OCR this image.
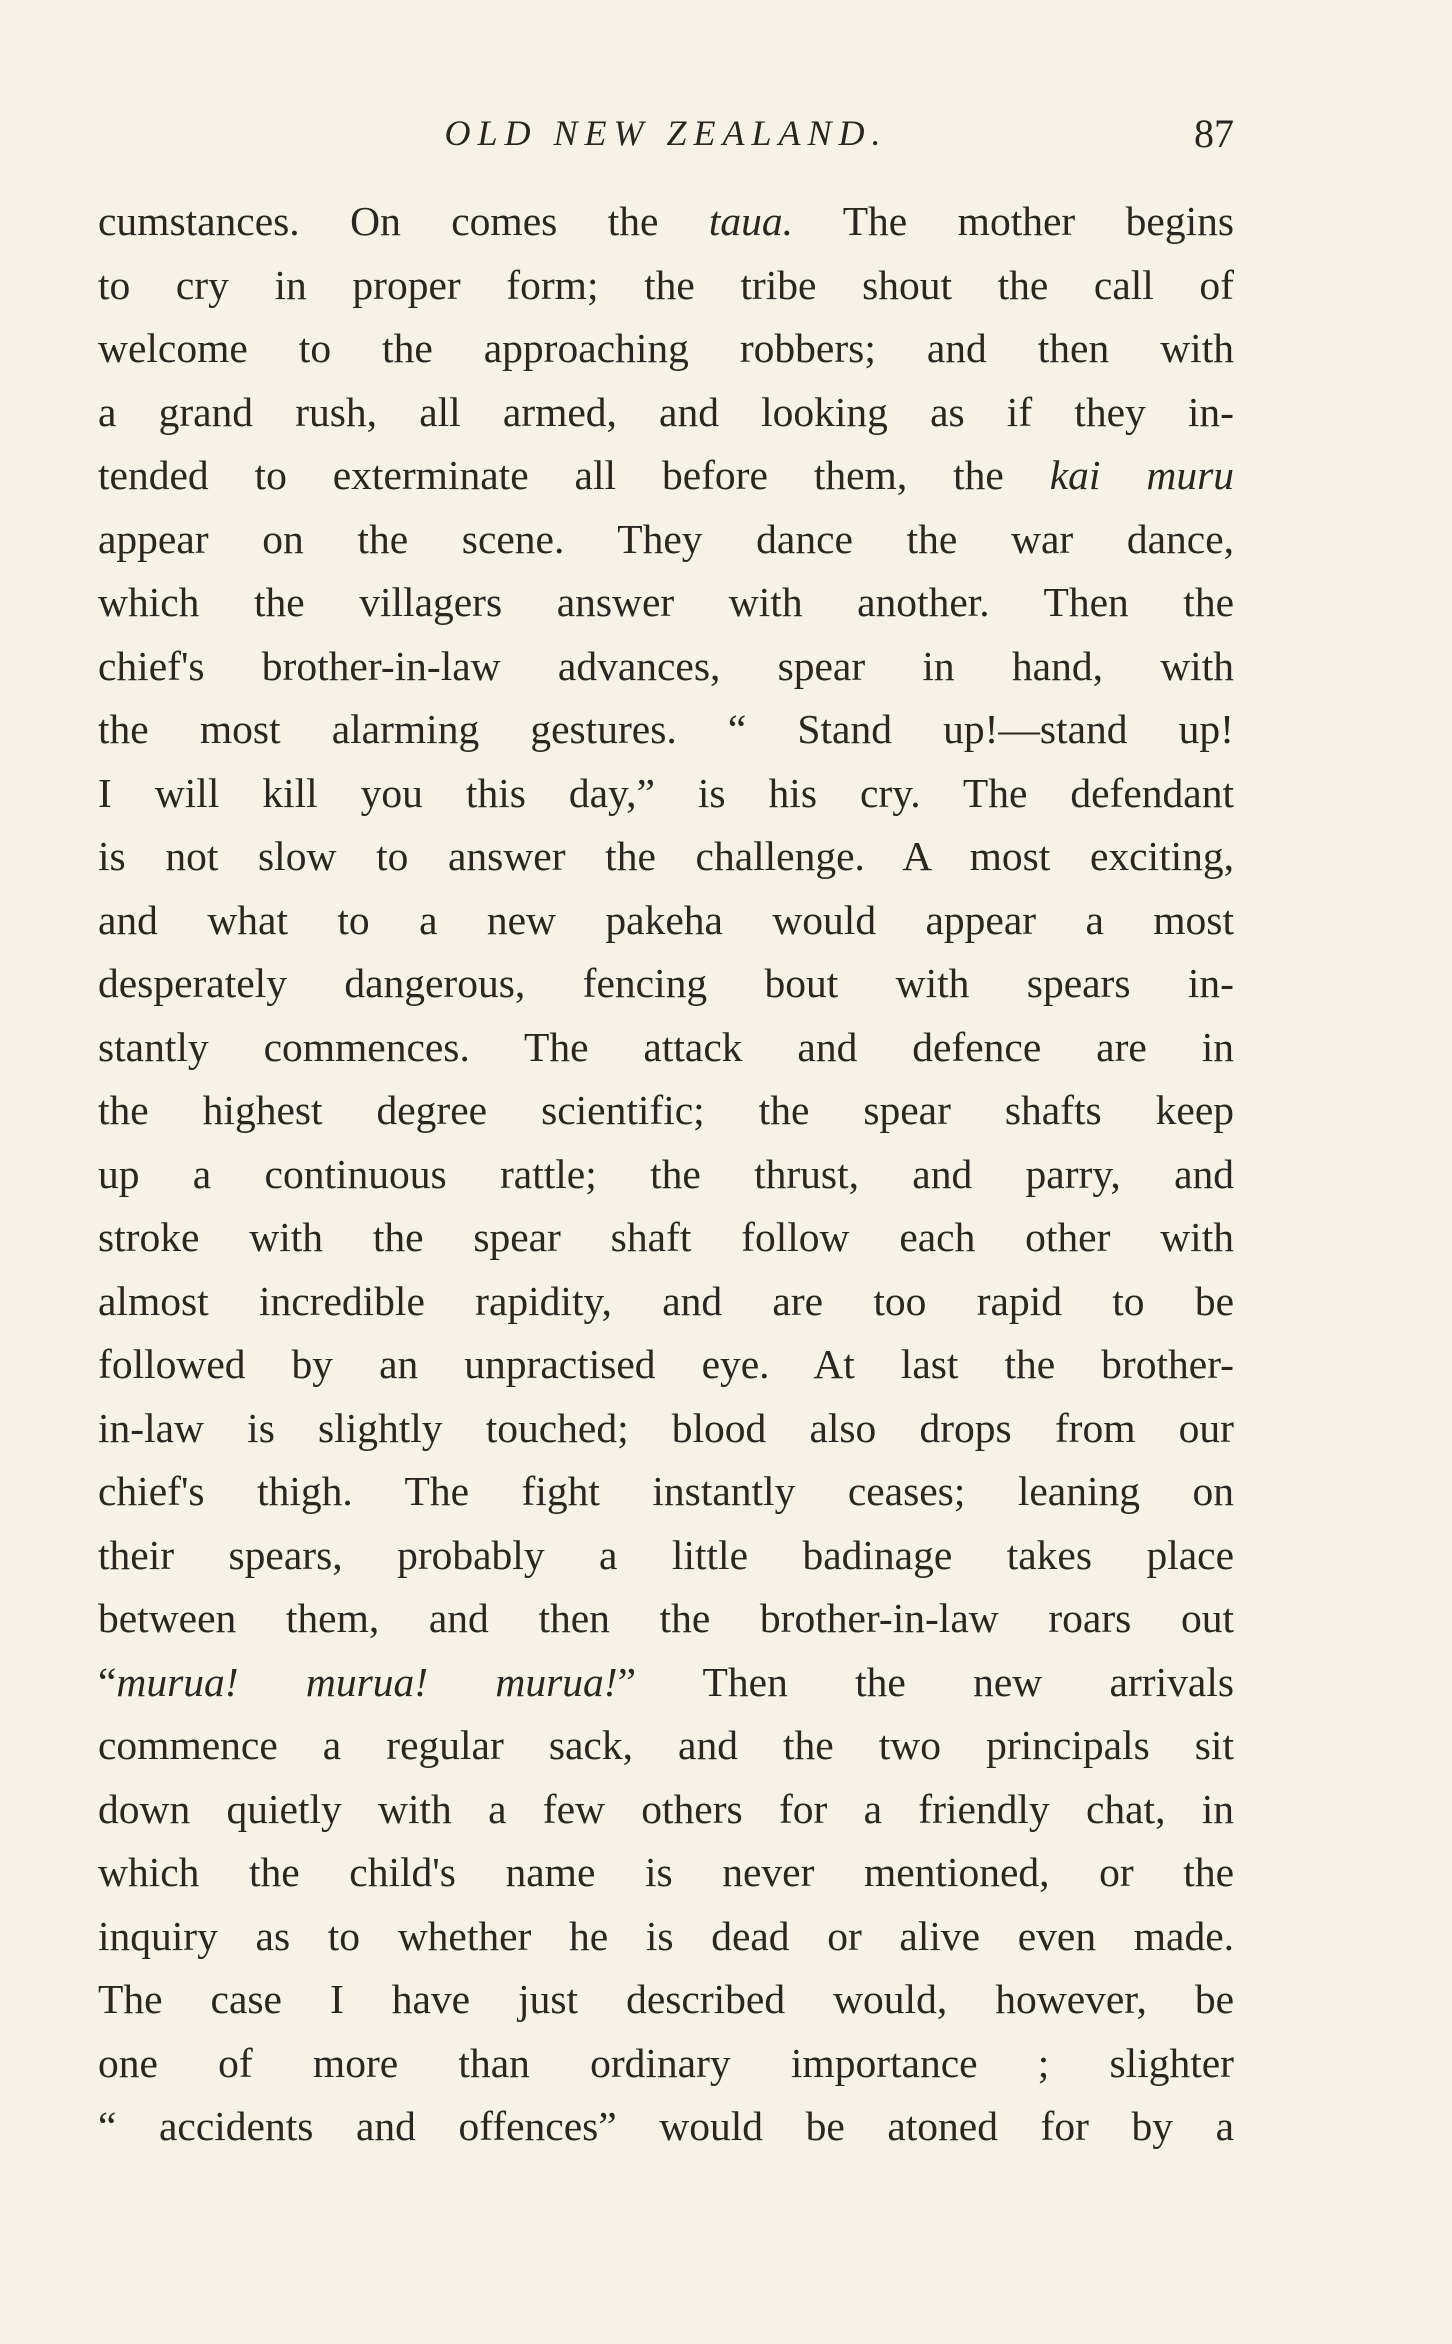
OLD NEW ZEALAND.	87
cumstances. On comes the taua. The mother begins
to cry in proper form; the tribe shout the call of
welcome to the approaching robbers; and then with
a grand rush, all armed, and looking as if they in-
tended to exterminate all before them, the kai muru
appear on the scene. They dance the war dance,
which the villagers answer with another. Then the
chief's brother-in-law advances, spear in hand, with
the most alarming gestures. “ Stand up!—stand up!
I will kill you this day,” is his cry. The defendant
is not slow to answer the challenge. A most exciting,
and what to a new pakeha would appear a most
desperately dangerous, fencing bout with spears in-
stantly commences. The attack and defence are in
the highest degree scientific; the spear shafts keep
up a continuous rattle; the thrust, and parry, and
stroke with the spear shaft follow each other with
almost incredible rapidity, and are too rapid to be
followed by an unpractised eye. At last the brother-
in-law is slightly touched; blood also drops from our
chief's thigh. The fight instantly ceases; leaning on
their spears, probably a little badinage takes place
between them, and then the brother-in-law roars out
“murua! murua! murua!” Then the new arrivals
commence a regular sack, and the two principals sit
down quietly with a few others for a friendly chat, in
which the child's name is never mentioned, or the
inquiry as to whether he is dead or alive even made.
The case I have just described would, however, be
one of more than ordinary importance ; slighter
“ accidents and offences” would be atoned for by a
